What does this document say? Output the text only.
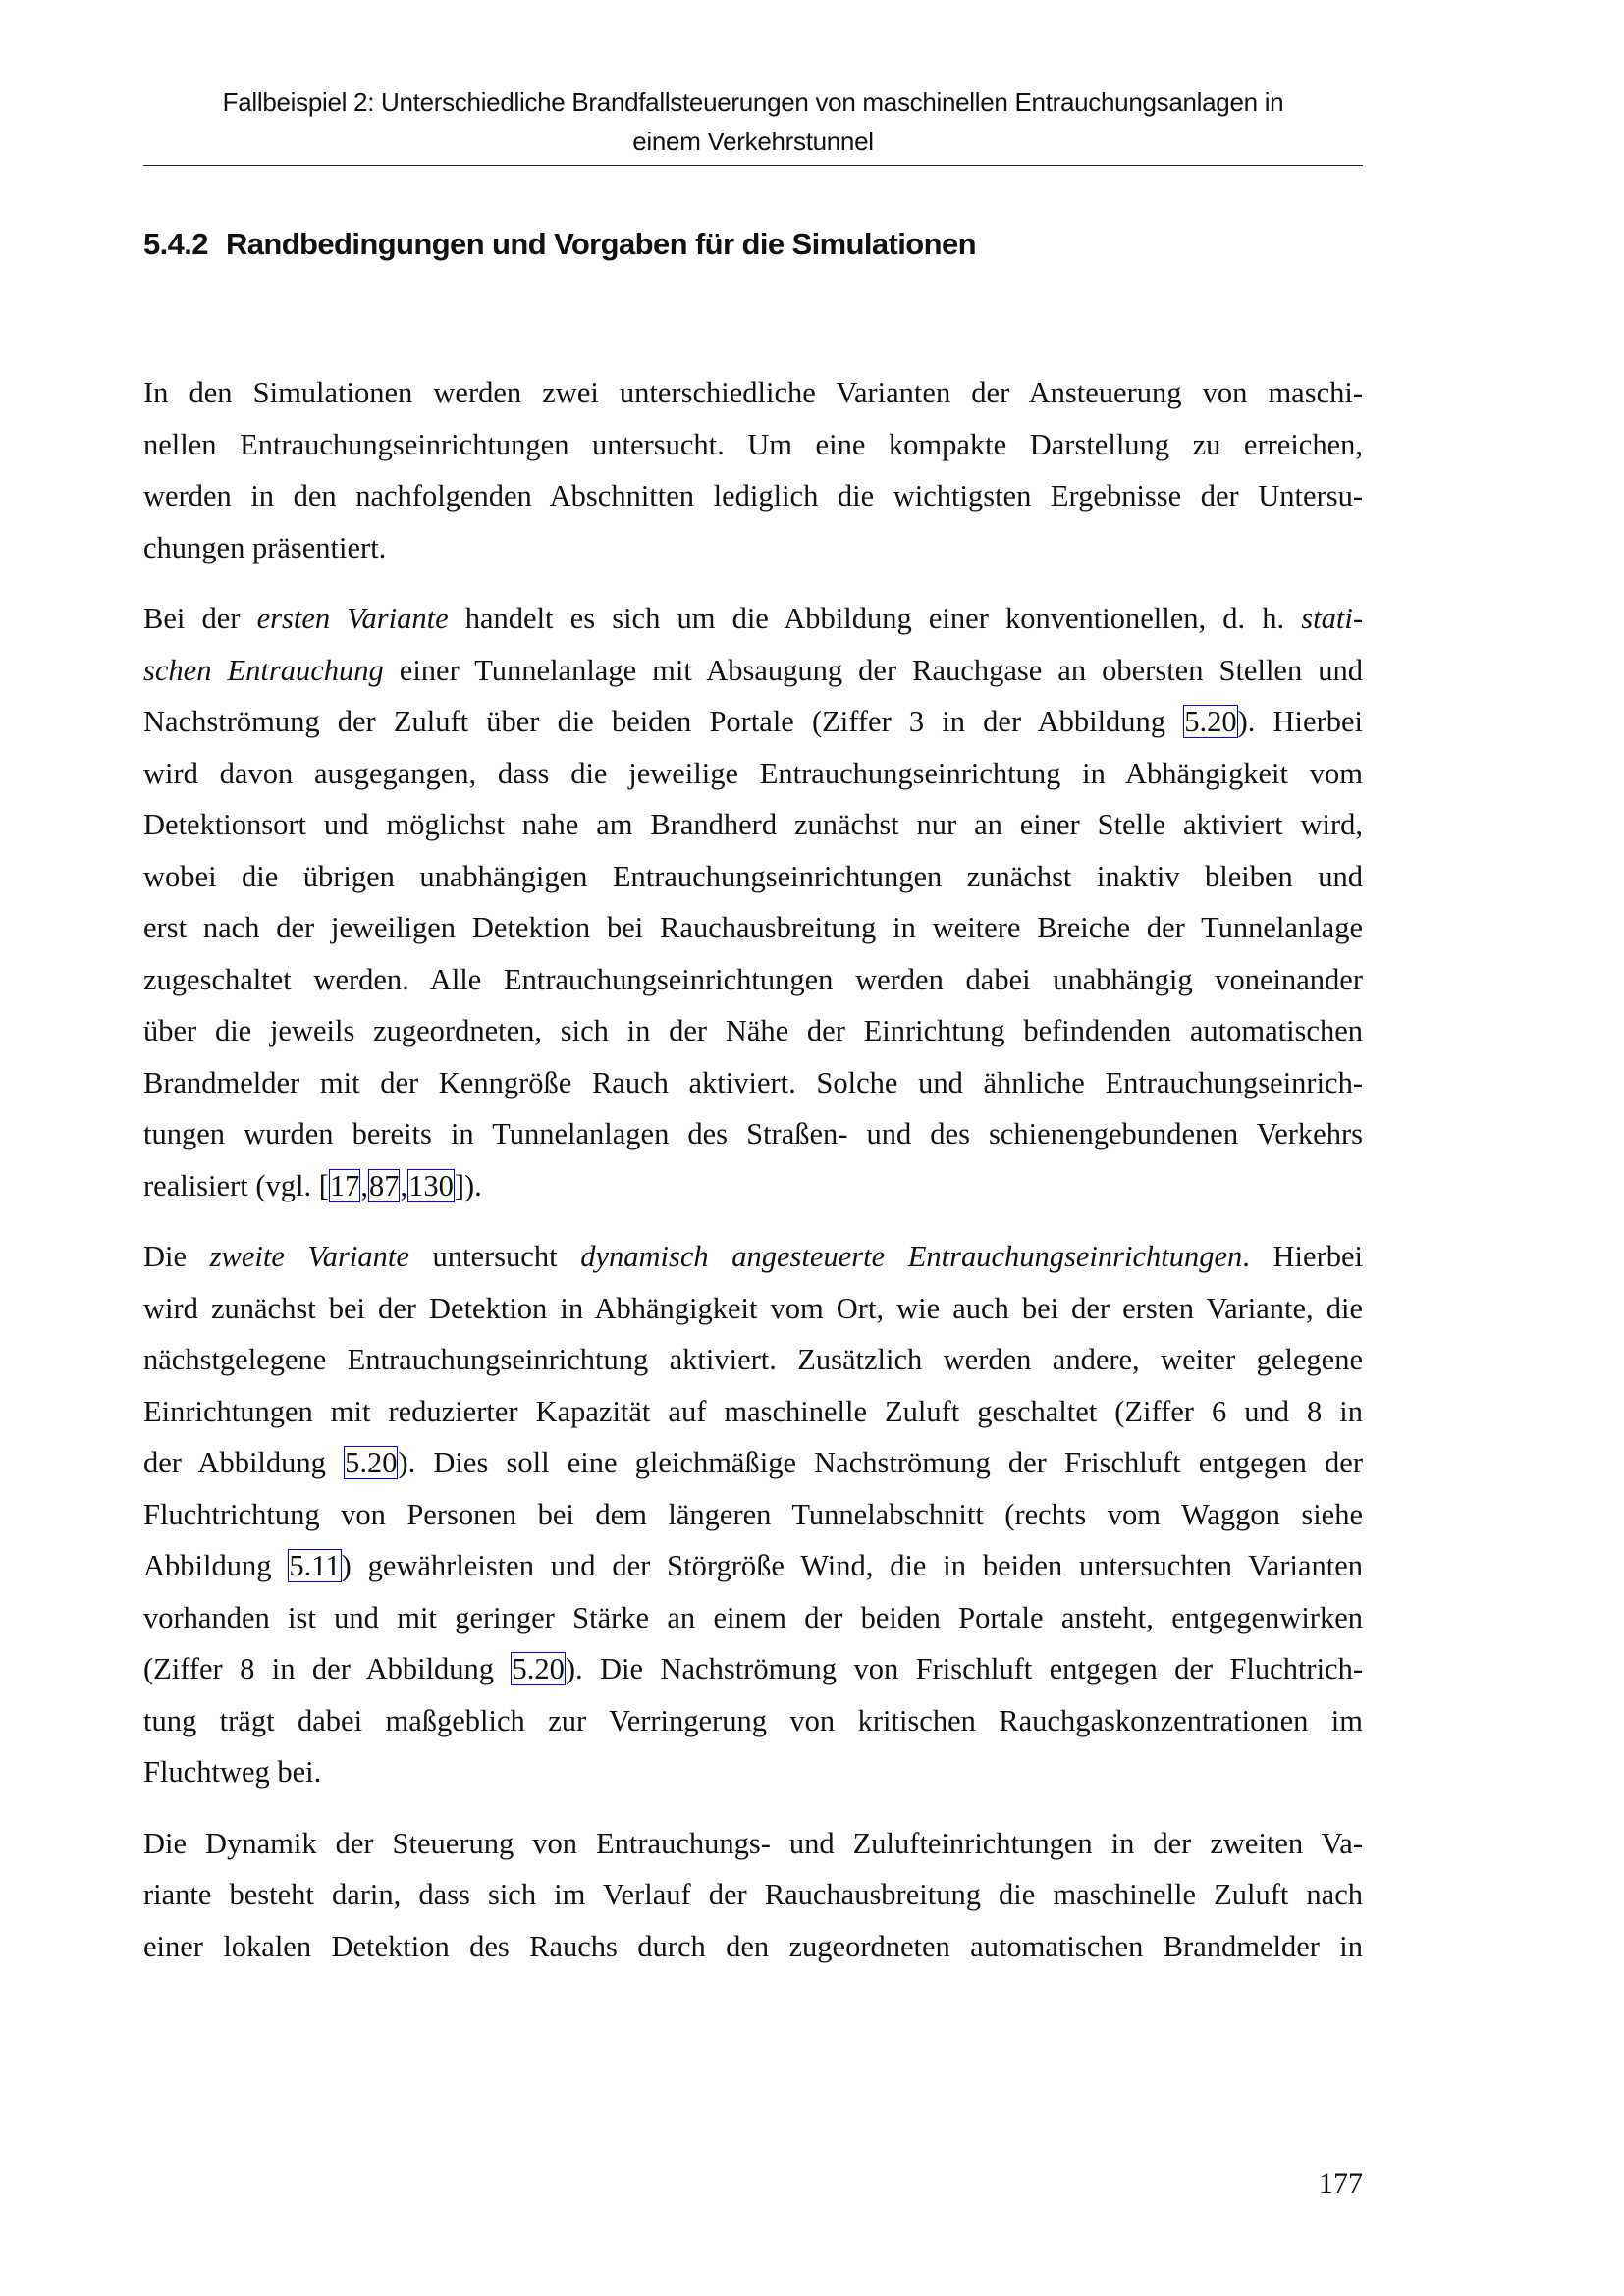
Fallbeispiel 2: Unterschiedliche Brandfallsteuerungen von maschinellen Entrauchungsanlagen in
einem Verkehrstunnel
5.4.2 Randbedingungen und Vorgaben für die Simulationen
In den Simulationen werden zwei unterschiedliche Varianten der Ansteuerung von maschi-
nellen Entrauchungseinrichtungen untersucht. Um eine kompakte Darstellung zu erreichen,
werden in den nachfolgenden Abschnitten lediglich die wichtigsten Ergebnisse der Untersu-
chungen präsentiert.
Bei der ersten Variante handelt es sich um die Abbildung einer konventionellen, d. h. stati-
schen Entrauchung einer Tunnelanlage mit Absaugung der Rauchgase an obersten Stellen und
Nachströmung der Zuluft über die beiden Portale (Ziffer 3 in der Abbildung 5.20). Hierbei
wird davon ausgegangen, dass die jeweilige Entrauchungseinrichtung in Abhängigkeit vom
Detektionsort und möglichst nahe am Brandherd zunächst nur an einer Stelle aktiviert wird,
wobei die übrigen unabhängigen Entrauchungseinrichtungen zunächst inaktiv bleiben und
erst nach der jeweiligen Detektion bei Rauchausbreitung in weitere Breiche der Tunnelanlage
zugeschaltet werden. Alle Entrauchungseinrichtungen werden dabei unabhängig voneinander
über die jeweils zugeordneten, sich in der Nähe der Einrichtung befindenden automatischen
Brandmelder mit der Kenngröße Rauch aktiviert. Solche und ähnliche Entrauchungseinrich-
tungen wurden bereits in Tunnelanlagen des Straßen- und des schienengebundenen Verkehrs
realisiert (vgl. [17,87,130]).
Die zweite Variante untersucht dynamisch angesteuerte Entrauchungseinrichtungen. Hierbei
wird zunächst bei der Detektion in Abhängigkeit vom Ort, wie auch bei der ersten Variante, die
nächstgelegene Entrauchungseinrichtung aktiviert. Zusätzlich werden andere, weiter gelegene
Einrichtungen mit reduzierter Kapazität auf maschinelle Zuluft geschaltet (Ziffer 6 und 8 in
der Abbildung 5.20). Dies soll eine gleichmäßige Nachströmung der Frischluft entgegen der
Fluchtrichtung von Personen bei dem längeren Tunnelabschnitt (rechts vom Waggon siehe
Abbildung 5.11) gewährleisten und der Störgröße Wind, die in beiden untersuchten Varianten
vorhanden ist und mit geringer Stärke an einem der beiden Portale ansteht, entgegenwirken
(Ziffer 8 in der Abbildung 5.20). Die Nachströmung von Frischluft entgegen der Fluchtrich-
tung trägt dabei maßgeblich zur Verringerung von kritischen Rauchgaskonzentrationen im
Fluchtweg bei.
Die Dynamik der Steuerung von Entrauchungs- und Zulufteinrichtungen in der zweiten Va-
riante besteht darin, dass sich im Verlauf der Rauchausbreitung die maschinelle Zuluft nach
einer lokalen Detektion des Rauchs durch den zugeordneten automatischen Brandmelder in
177
